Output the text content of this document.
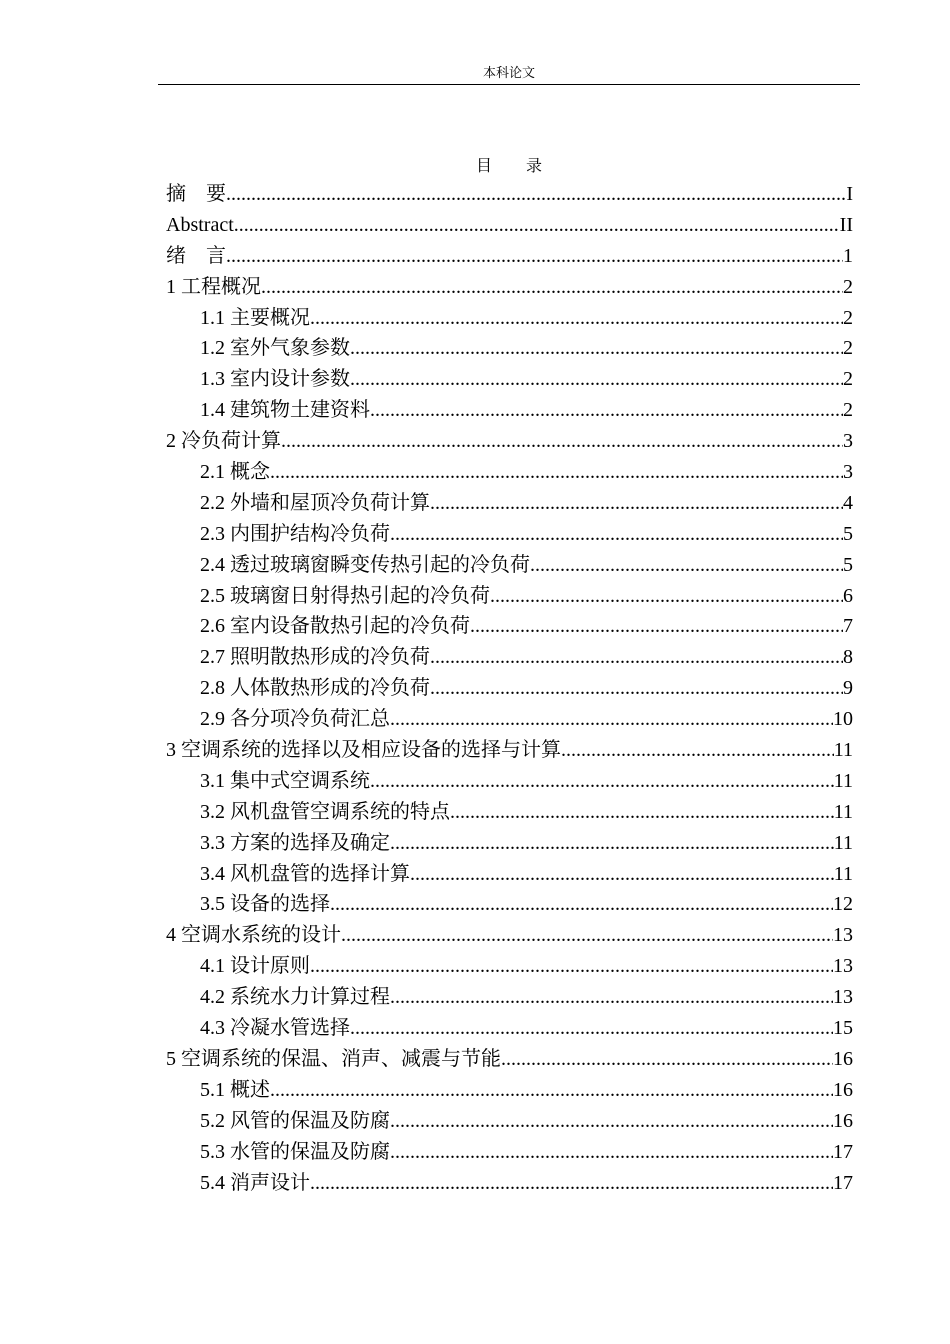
本科论文
目 录
摘　要 .....	I
Abstract .....	II
绪　言 .....	1
1 工程概况 .....	2
1.1 主要概况 .....	2
1.2 室外气象参数 .....	2
1.3 室内设计参数 .....	2
1.4 建筑物土建资料 .....	2
2 冷负荷计算 .....	3
2.1 概念 .....	3
2.2 外墙和屋顶冷负荷计算 .....	4
2.3 内围护结构冷负荷 .....	5
2.4 透过玻璃窗瞬变传热引起的冷负荷 .....	5
2.5 玻璃窗日射得热引起的冷负荷 .....	6
2.6 室内设备散热引起的冷负荷 .....	7
2.7 照明散热形成的冷负荷 .....	8
2.8 人体散热形成的冷负荷 .....	9
2.9 各分项冷负荷汇总 .....	10
3 空调系统的选择以及相应设备的选择与计算 .....	11
3.1 集中式空调系统 .....	11
3.2 风机盘管空调系统的特点 .....	11
3.3 方案的选择及确定 .....	11
3.4 风机盘管的选择计算 .....	11
3.5 设备的选择 .....	12
4 空调水系统的设计 .....	13
4.1 设计原则 .....	13
4.2 系统水力计算过程 .....	13
4.3 冷凝水管选择 .....	15
5 空调系统的保温、消声、减震与节能 .....	16
5.1 概述 .....	16
5.2 风管的保温及防腐 .....	16
5.3 水管的保温及防腐 .....	17
5.4 消声设计 .....	17
